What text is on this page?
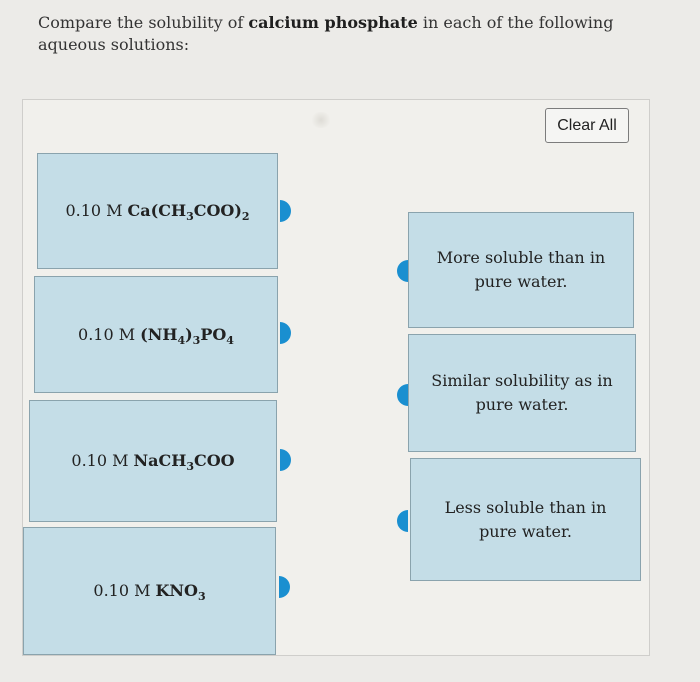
Compare the solubility of calcium phosphate in each of the following aqueous solutions:
Clear All
0.10 M $Ca(CH_3COO)_2$
0.10 M $(NH_4)_3PO_4$
0.10 M NaCH$_3$COO
0.10 M $KNO_3$
More soluble than in pure water.
Similar solubility as in pure water.
Less soluble than in pure water.
